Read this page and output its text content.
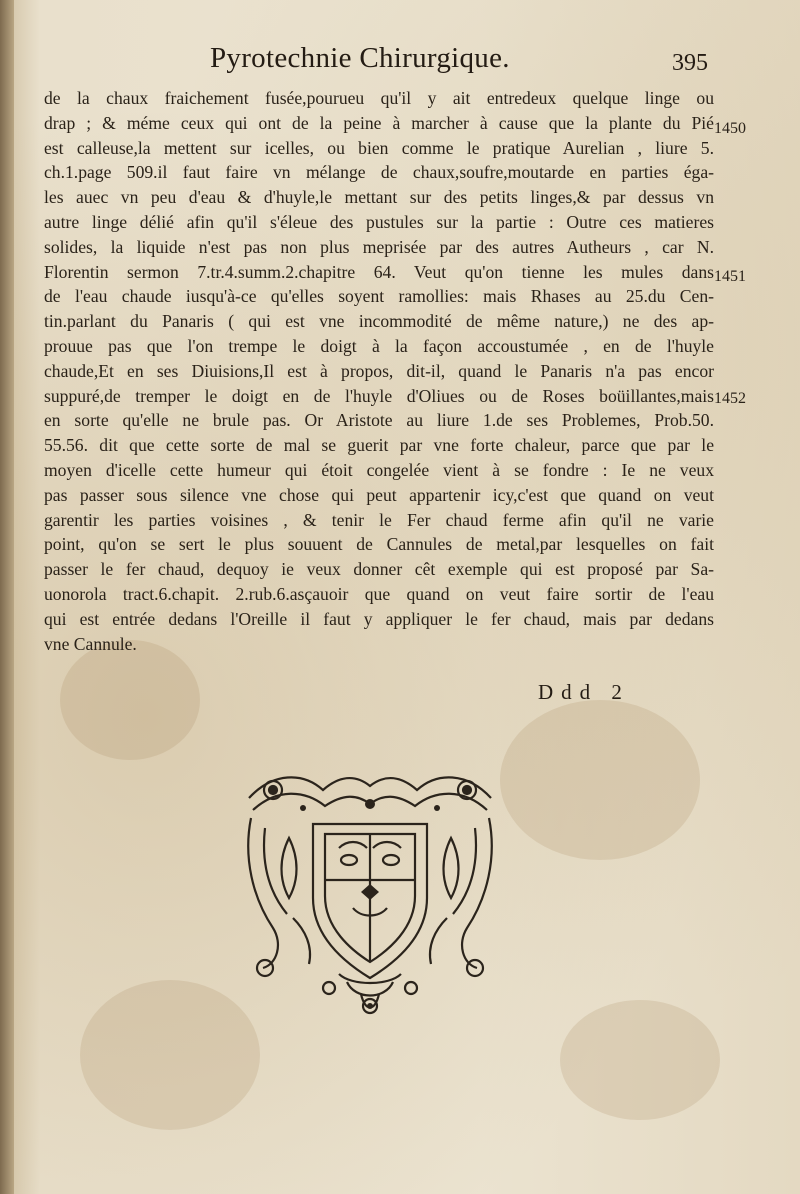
Pyrotechnie Chirurgique.	395
de la chaux fraichement fusée,pourueu qu'il y ait entredeux quelque linge ou
drap ; & méme ceux qui ont de la peine à marcher à cause que la plante du Pié
est calleuse,la mettent sur icelles, ou bien comme le pratique Aurelian , liure 5.
ch.1.page 509.il faut faire vn mélange de chaux,soufre,moutarde en parties éga-
les auec vn peu d'eau & d'huyle,le mettant sur des petits linges,& par dessus vn
autre linge délié afin qu'il s'éleue des pustules sur la partie : Outre ces matieres
solides, la liquide n'est pas non plus meprisée par des autres Autheurs , car N.
Florentin sermon 7.tr.4.summ.2.chapitre 64. Veut qu'on tienne les mules dans
de l'eau chaude iusqu'à-ce qu'elles soyent ramollies: mais Rhases au 25.du Cen-
tin.parlant du Panaris ( qui est vne incommodité de même nature,) ne des ap-
prouue pas que l'on trempe le doigt à la façon accoustumée , en de l'huyle
chaude,Et en ses Diuisions,Il est à propos, dit-il, quand le Panaris n'a pas encor
suppuré,de tremper le doigt en de l'huyle d'Oliues ou de Roses boüillantes,mais
en sorte qu'elle ne brule pas. Or Aristote au liure 1.de ses Problemes, Prob.50.
55.56. dit que cette sorte de mal se guerit par vne forte chaleur, parce que par le
moyen d'icelle cette humeur qui étoit congelée vient à se fondre : Ie ne veux
pas passer sous silence vne chose qui peut appartenir icy,c'est que quand on veut
garentir les parties voisines , & tenir le Fer chaud ferme afin qu'il ne varie
point, qu'on se sert le plus souuent de Cannules de metal,par lesquelles on fait
passer le fer chaud, dequoy ie veux donner cêt exemple qui est proposé par Sa-
uonorola tract.6.chapit. 2.rub.6.asçauoir que quand on veut faire sortir de l'eau
qui est entrée dedans l'Oreille il faut y appliquer le fer chaud, mais par dedans
vne Cannule.
1450
1451
1452
Ddd 2
